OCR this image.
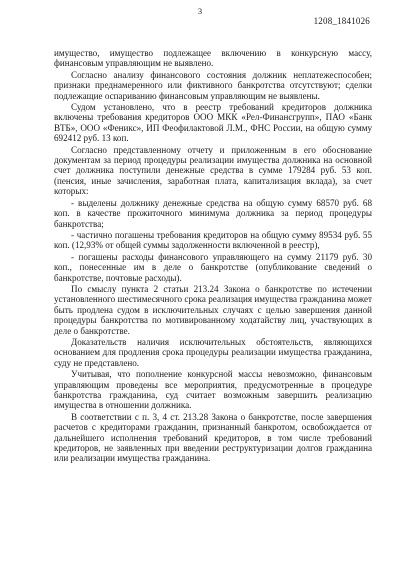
3
1208_1841026

имущество, имущество подлежащее включению в конкурсную массу, финансовым управляющим не выявлено.

Согласно анализу финансового состояния должник неплатежеспособен; признаки преднамеренного или фиктивного банкротства отсутствуют; сделки подлежащие оспариванию финансовым управляющим не выявлены.

Судом установлено, что в реестр требований кредиторов должника включены требования кредиторов ООО МКК «Рел-Финансгрупп», ПАО «Банк ВТБ», ООО «Феникс», ИП Феофилактовой Л.М., ФНС России, на общую сумму 692412 руб. 13 коп.

Согласно представленному отчету и приложенным в его обоснование документам за период процедуры реализации имущества должника на основной счет должника поступили денежные средства в сумме 179284 руб. 53 коп. (пенсия, иные зачисления, заработная плата, капитализация вклада), за счет которых:

- выделены должнику денежные средства на общую сумму 68570 руб. 68 коп. в качестве прожиточного минимума должника за период процедуры банкротства;

- частично погашены требования кредиторов на общую сумму 89534 руб. 55 коп. (12,93% от общей суммы задолженности включенной в реестр),

- погашены расходы финансового управляющего на сумму 21179 руб. 30 коп., понесенные им в деле о банкротстве (опубликование сведений о банкротстве, почтовые расходы).

По смыслу пункта 2 статьи 213.24 Закона о банкротстве по истечении установленного шестимесячного срока реализация имущества гражданина может быть продлена судом в исключительных случаях с целью завершения данной процедуры банкротства по мотивированному ходатайству лиц, участвующих в деле о банкротстве.

Доказательств наличия исключительных обстоятельств, являющихся основанием для продления срока процедуры реализации имущества гражданина, суду не представлено.

Учитывая, что пополнение конкурсной массы невозможно, финансовым управляющим проведены все мероприятия, предусмотренные в процедуре банкротства гражданина, суд считает возможным завершить реализацию имущества в отношении должника.

В соответствии с п. 3, 4 ст. 213.28 Закона о банкротстве, после завершения расчетов с кредиторами гражданин, признанный банкротом, освобождается от дальнейшего исполнения требований кредиторов, в том числе требований кредиторов, не заявленных при введении реструктуризации долгов гражданина или реализации имущества гражданина.
